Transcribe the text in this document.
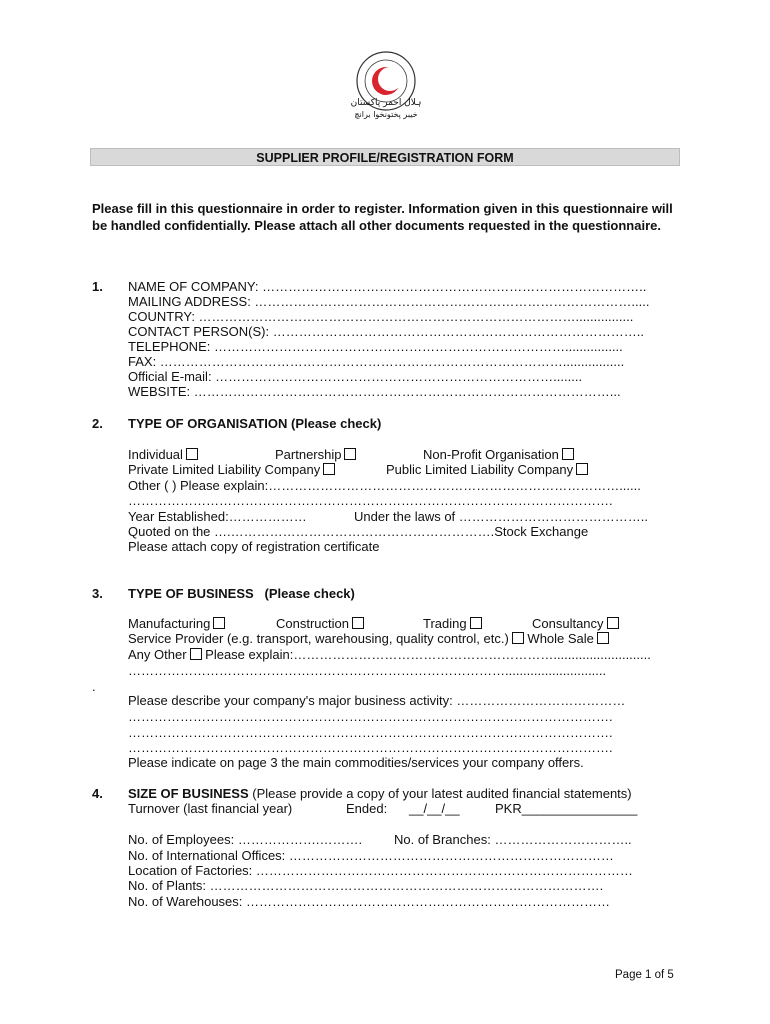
ہلال احمر پاکستان
خیبر پختونخوا برانچ
SUPPLIER PROFILE/REGISTRATION FORM
Please fill in this questionnaire in order to register. Information given in this questionnaire will be handled confidentially. Please attach all other documents requested in the questionnaire.
1. NAME OF COMPANY: ……………………………………………………………………………..
MAILING ADDRESS: …………………………………………………………………………….....
COUNTRY: ……………………………………………………………………………................
CONTACT PERSON(S): …………………………………………………………………………..
TELEPHONE: ………………………………………………………………………................
FAX: ………………………………………………………………………………….................
Official E-mail: ……………………………………………………………………........
WEBSITE: ……………………………………………………………………………………...
2. TYPE OF ORGANISATION (Please check)
Individual	Partnership	Non-Profit Organisation
Private Limited Liability Company	Public Limited Liability Company
Other ( ) Please explain:………………………………………………………………………......
………………………………………………………………………………………………….
Year Established:………………	Under the laws of ……………………………………..
Quoted on the ….…………………………………………………….Stock Exchange
Please attach copy of registration certificate
3. TYPE OF BUSINESS   (Please check)
Manufacturing	Construction	Trading	Consultancy
Service Provider (e.g. transport, warehousing, quality control, etc.) Whole Sale
Any Other Please explain:……………………………………………………...........................
……………………………………………………………………………............................
.
Please describe your company's major business activity: …………………………………
………………………………………………………………………………………………….
………………………………………………………………………………………………….
………………………………………………………………………………………………….
Please indicate on page 3 the main commodities/services your company offers.
4. SIZE OF BUSINESS (Please provide a copy of your latest audited financial statements)
Turnover (last financial year)	Ended: __/__/__	PKR________________
No. of Employees: ……………….………. No. of Branches: …………………………..
No. of International Offices: …………………………………………………………………
Location of Factories: ……………………………………………………………………………
No. of Plants: ……………………………………………………………………………….
No. of Warehouses: …………………………………………………………………………
Page 1 of 5
